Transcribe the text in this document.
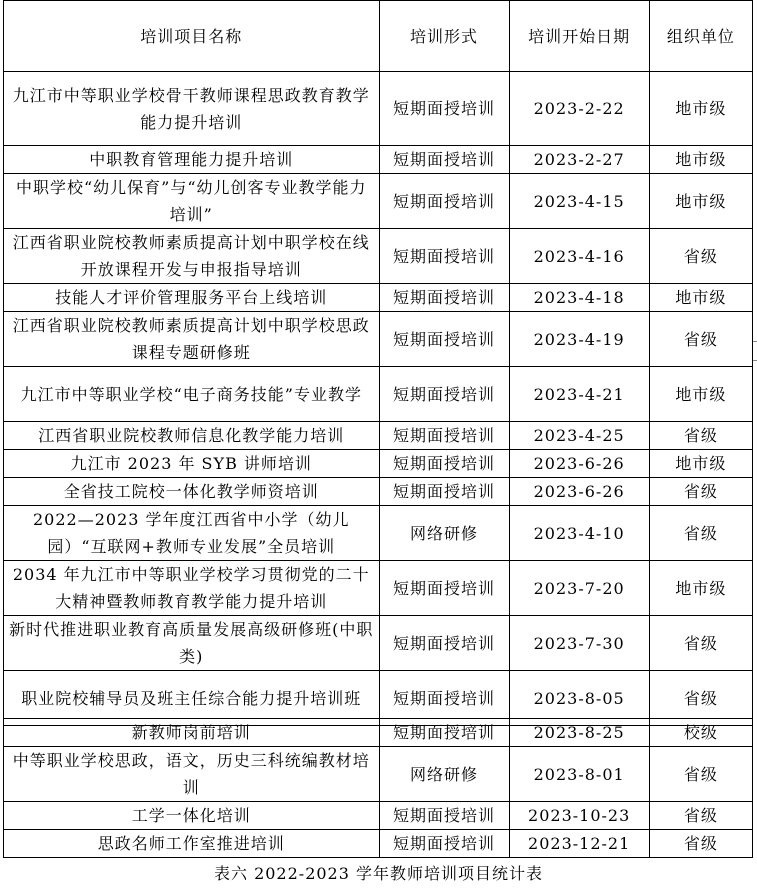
培训项目名称	培训形式	培训开始日期	组织单位
九江市中等职业学校骨干教师课程思政教育教学能力提升培训	短期面授培训	2023-2-22	地市级
中职教育管理能力提升培训	短期面授培训	2023-2-27	地市级
中职学校“幼儿保育”与“幼儿创客专业教学能力培训”	短期面授培训	2023-4-15	地市级
江西省职业院校教师素质提高计划中职学校在线开放课程开发与申报指导培训	短期面授培训	2023-4-16	省级
技能人才评价管理服务平台上线培训	短期面授培训	2023-4-18	地市级
江西省职业院校教师素质提高计划中职学校思政课程专题研修班	短期面授培训	2023-4-19	省级
九江市中等职业学校“电子商务技能”专业教学	短期面授培训	2023-4-21	地市级
江西省职业院校教师信息化教学能力培训	短期面授培训	2023-4-25	省级
九江市 2023 年 SYB 讲师培训	短期面授培训	2023-6-26	地市级
全省技工院校一体化教学师资培训	短期面授培训	2023-6-26	省级
2022—2023 学年度江西省中小学（幼儿园）“互联网+教师专业发展”全员培训	网络研修	2023-4-10	省级
2034 年九江市中等职业学校学习贯彻党的二十大精神暨教师教育教学能力提升培训	短期面授培训	2023-7-20	地市级
新时代推进职业教育高质量发展高级研修班(中职类)	短期面授培训	2023-7-30	省级
职业院校辅导员及班主任综合能力提升培训班	短期面授培训	2023-8-05	省级
新教师岗前培训	短期面授培训	2023-8-25	校级
中等职业学校思政，语文，历史三科统编教材培训	网络研修	2023-8-01	省级
工学一体化培训	短期面授培训	2023-10-23	省级
思政名师工作室推进培训	短期面授培训	2023-12-21	省级
表六 2022-2023 学年教师培训项目统计表
